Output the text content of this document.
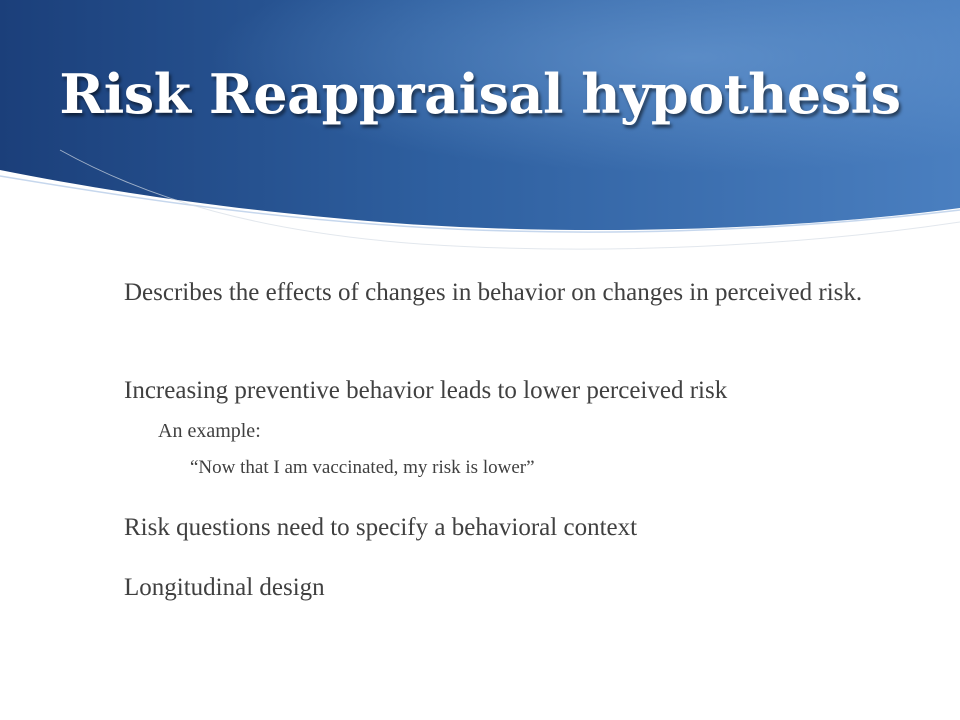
Risk Reappraisal hypothesis
Describes the effects of changes in behavior on changes in perceived risk.
Increasing preventive behavior leads to lower perceived risk
An example:
“Now that I am vaccinated, my risk is lower”
Risk questions need to specify a behavioral context
Longitudinal design
